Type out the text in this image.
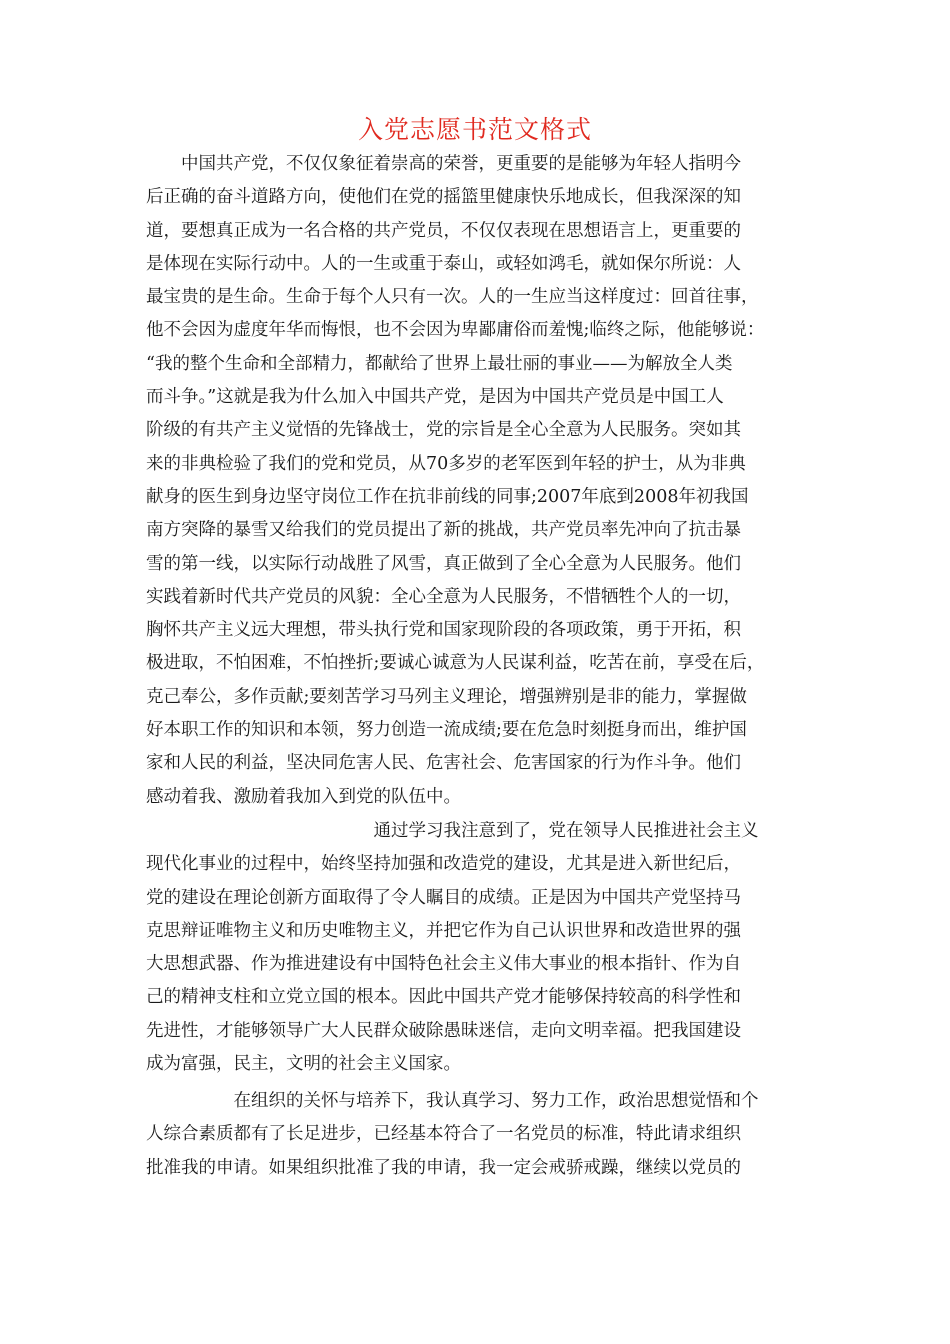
入党志愿书范文格式
　　中国共产党，不仅仅象征着崇高的荣誉，更重要的是能够为年轻人指明今
后正确的奋斗道路方向，使他们在党的摇篮里健康快乐地成长，但我深深的知
道，要想真正成为一名合格的共产党员，不仅仅表现在思想语言上，更重要的
是体现在实际行动中。人的一生或重于泰山，或轻如鸿毛，就如保尔所说：人
最宝贵的是生命。生命于每个人只有一次。人的一生应当这样度过：回首往事，
他不会因为虚度年华而悔恨，也不会因为卑鄙庸俗而羞愧;临终之际，他能够说：
“我的整个生命和全部精力，都献给了世界上最壮丽的事业——为解放全人类
而斗争。”这就是我为什么加入中国共产党，是因为中国共产党员是中国工人
阶级的有共产主义觉悟的先锋战士，党的宗旨是全心全意为人民服务。突如其
来的非典检验了我们的党和党员，从70多岁的老军医到年轻的护士，从为非典
献身的医生到身边坚守岗位工作在抗非前线的同事;2007年底到2008年初我国
南方突降的暴雪又给我们的党员提出了新的挑战，共产党员率先冲向了抗击暴
雪的第一线，以实际行动战胜了风雪，真正做到了全心全意为人民服务。他们
实践着新时代共产党员的风貌：全心全意为人民服务，不惜牺牲个人的一切，
胸怀共产主义远大理想，带头执行党和国家现阶段的各项政策，勇于开拓，积
极进取，不怕困难，不怕挫折;要诚心诚意为人民谋利益，吃苦在前，享受在后，
克己奉公，多作贡献;要刻苦学习马列主义理论，增强辨别是非的能力，掌握做
好本职工作的知识和本领，努力创造一流成绩;要在危急时刻挺身而出，维护国
家和人民的利益，坚决同危害人民、危害社会、危害国家的行为作斗争。他们
感动着我、激励着我加入到党的队伍中。
　　　　　　　　　　　　　通过学习我注意到了，党在领导人民推进社会主义
现代化事业的过程中，始终坚持加强和改造党的建设，尤其是进入新世纪后，
党的建设在理论创新方面取得了令人瞩目的成绩。正是因为中国共产党坚持马
克思辩证唯物主义和历史唯物主义，并把它作为自己认识世界和改造世界的强
大思想武器、作为推进建设有中国特色社会主义伟大事业的根本指针、作为自
己的精神支柱和立党立国的根本。因此中国共产党才能够保持较高的科学性和
先进性，才能够领导广大人民群众破除愚昧迷信，走向文明幸福。把我国建设
成为富强，民主，文明的社会主义国家。
　　　　　在组织的关怀与培养下，我认真学习、努力工作，政治思想觉悟和个
人综合素质都有了长足进步，已经基本符合了一名党员的标准，特此请求组织
批准我的申请。如果组织批准了我的申请，我一定会戒骄戒躁，继续以党员的
